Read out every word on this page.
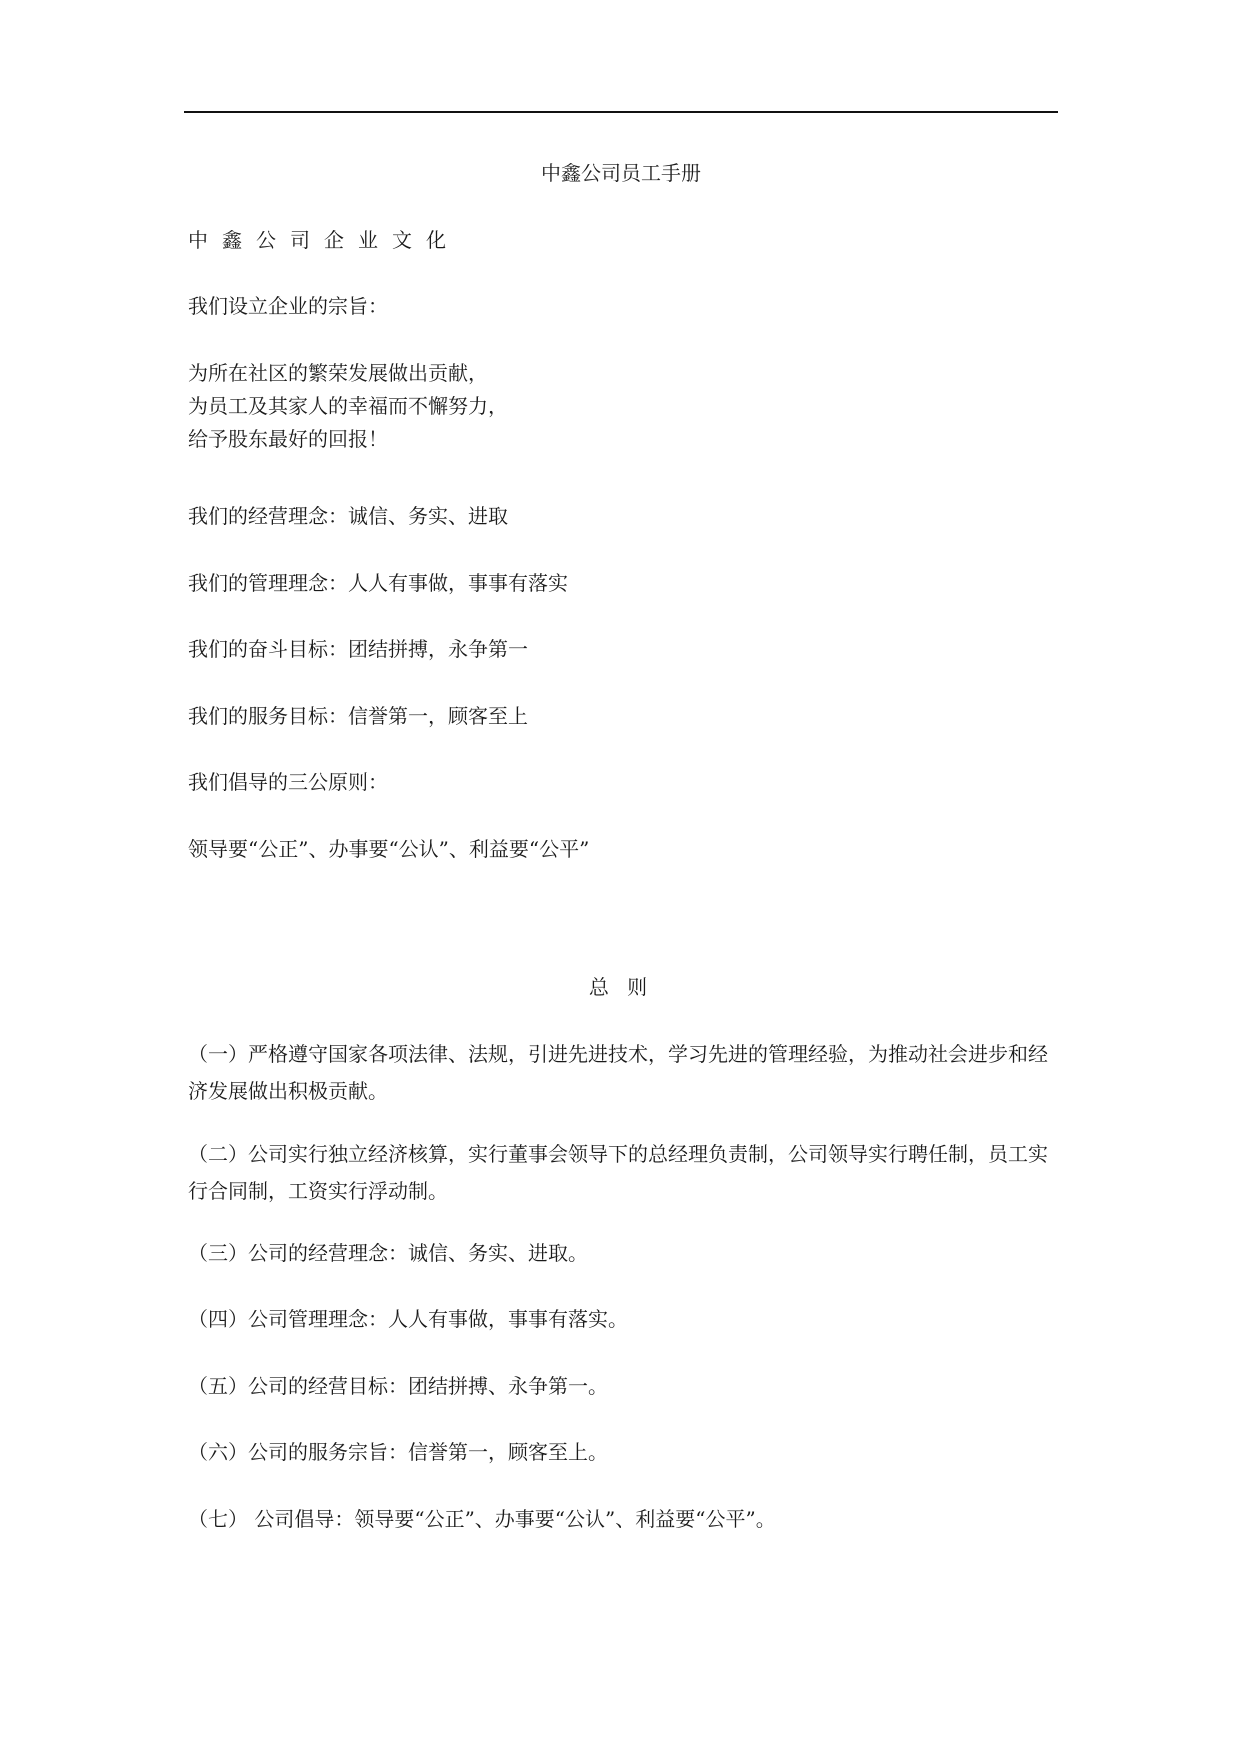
中鑫公司员工手册
中鑫公司企业文化
我们设立企业的宗旨：
为所在社区的繁荣发展做出贡献，
为员工及其家人的幸福而不懈努力，
给予股东最好的回报！
我们的经营理念：诚信、务实、进取
我们的管理理念：人人有事做，事事有落实
我们的奋斗目标：团结拼搏，永争第一
我们的服务目标：信誉第一，顾客至上
我们倡导的三公原则：
领导要“公正”、办事要“公认”、利益要“公平”
总 则
（一）严格遵守国家各项法律、法规，引进先进技术，学习先进的管理经验，为推动社会进步和经济发展做出积极贡献。
（二）公司实行独立经济核算，实行董事会领导下的总经理负责制，公司领导实行聘任制，员工实行合同制，工资实行浮动制。
（三）公司的经营理念：诚信、务实、进取。
（四）公司管理理念：人人有事做，事事有落实。
（五）公司的经营目标：团结拼搏、永争第一。
（六）公司的服务宗旨：信誉第一，顾客至上。
（七） 公司倡导：领导要“公正”、办事要“公认”、利益要“公平”。
